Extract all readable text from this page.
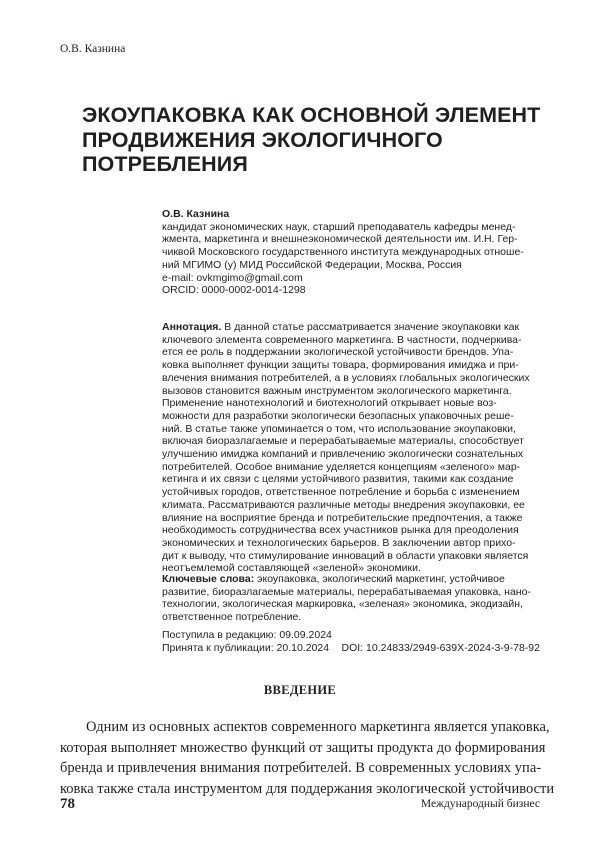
О.В. Казнина
ЭКОУПАКОВКА КАК ОСНОВНОЙ ЭЛЕМЕНТ
ПРОДВИЖЕНИЯ ЭКОЛОГИЧНОГО
ПОТРЕБЛЕНИЯ
О.В. Казнина
кандидат экономических наук, старший преподаватель кафедры менед-
жмента, маркетинга и внешнеэкономической деятельности им. И.Н. Гер-
чиквой Московского государственного института международных отноше-
ний МГИМО (у) МИД Российской Федерации, Москва, Россия
e-mail: ovkmgimo@gmail.com
ORCID: 0000-0002-0014-1298
Аннотация. В данной статье рассматривается значение экоупаковки как
ключевого элемента современного маркетинга. В частности, подчеркива-
ется ее роль в поддержании экологической устойчивости брендов. Упа-
ковка выполняет функции защиты товара, формирования имиджа и при-
влечения внимания потребителей, а в условиях глобальных экологических
вызовов становится важным инструментом экологического маркетинга.
Применение нанотехнологий и биотехнологий открывает новые воз-
можности для разработки экологически безопасных упаковочных реше-
ний. В статье также упоминается о том, что использование экоупаковки,
включая биоразлагаемые и перерабатываемые материалы, способствует
улучшению имиджа компаний и привлечению экологически сознательных
потребителей. Особое внимание уделяется концепциям «зеленого» мар-
кетинга и их связи с целями устойчивого развития, такими как создание
устойчивых городов, ответственное потребление и борьба с изменением
климата. Рассматриваются различные методы внедрения экоупаковки, ее
влияние на восприятие бренда и потребительские предпочтения, а также
необходимость сотрудничества всех участников рынка для преодоления
экономических и технологических барьеров. В заключении автор прихо-
дит к выводу, что стимулирование инноваций в области упаковки является
неотъемлемой составляющей «зеленой» экономики.
Ключевые слова: экоупаковка, экологический маркетинг, устойчивое
развитие, биоразлагаемые материалы, перерабатываемая упаковка, нано-
технологии, экологическая маркировка, «зеленая» экономика, экодизайн,
ответственное потребление.
Поступила в редакцию: 09.09.2024
Принята к публикации: 20.10.2024 DOI: 10.24833/2949-639X-2024-3-9-78-92
ВВЕДЕНИЕ
Одним из основных аспектов современного маркетинга является упаковка,
которая выполняет множество функций от защиты продукта до формирования
бренда и привлечения внимания потребителей. В современных условиях упа-
ковка также стала инструментом для поддержания экологической устойчивости
78	Международный бизнес
